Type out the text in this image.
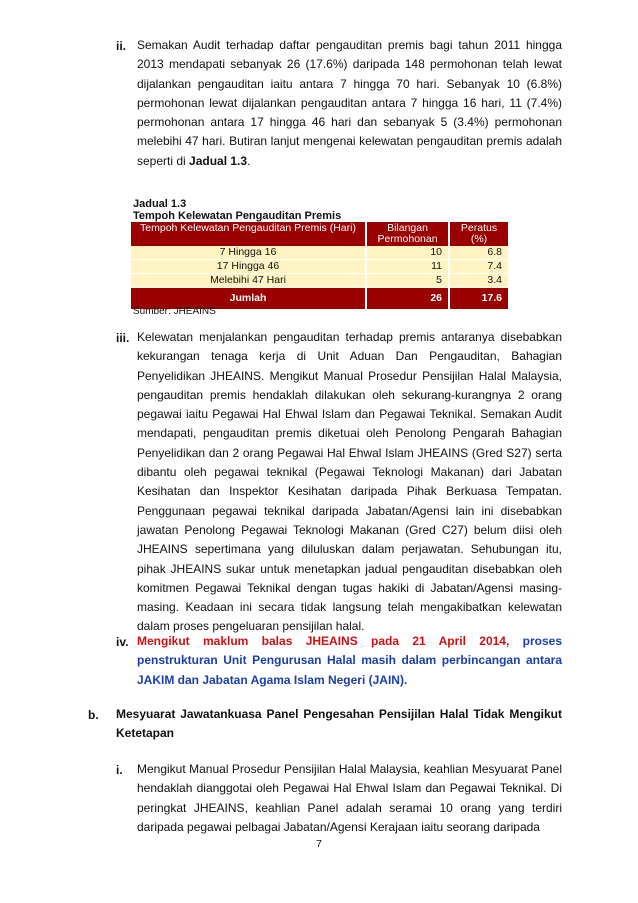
ii. Semakan Audit terhadap daftar pengauditan premis bagi tahun 2011 hingga 2013 mendapati sebanyak 26 (17.6%) daripada 148 permohonan telah lewat dijalankan pengauditan iaitu antara 7 hingga 70 hari. Sebanyak 10 (6.8%) permohonan lewat dijalankan pengauditan antara 7 hingga 16 hari, 11 (7.4%) permohonan antara 17 hingga 46 hari dan sebanyak 5 (3.4%) permohonan melebihi 47 hari. Butiran lanjut mengenai kelewatan pengauditan premis adalah seperti di Jadual 1.3.
Jadual 1.3
Tempoh Kelewatan Pengauditan Premis
Tempoh Kelewatan Pengauditan Premis (Hari)	Bilangan Permohonan	Peratus (%)
7 Hingga 16	10	6.8
17 Hingga 46	11	7.4
Melebihi 47 Hari	5	3.4
Jumlah	26	17.6
Sumber: JHEAINS
iii. Kelewatan menjalankan pengauditan terhadap premis antaranya disebabkan kekurangan tenaga kerja di Unit Aduan Dan Pengauditan, Bahagian Penyelidikan JHEAINS. Mengikut Manual Prosedur Pensijilan Halal Malaysia, pengauditan premis hendaklah dilakukan oleh sekurang-kurangnya 2 orang pegawai iaitu Pegawai Hal Ehwal Islam dan Pegawai Teknikal. Semakan Audit mendapati, pengauditan premis diketuai oleh Penolong Pengarah Bahagian Penyelidikan dan 2 orang Pegawai Hal Ehwal Islam JHEAINS (Gred S27) serta dibantu oleh pegawai teknikal (Pegawai Teknologi Makanan) dari Jabatan Kesihatan dan Inspektor Kesihatan daripada Pihak Berkuasa Tempatan. Penggunaan pegawai teknikal daripada Jabatan/Agensi lain ini disebabkan jawatan Penolong Pegawai Teknologi Makanan (Gred C27) belum diisi oleh JHEAINS sepertimana yang diluluskan dalam perjawatan. Sehubungan itu, pihak JHEAINS sukar untuk menetapkan jadual pengauditan disebabkan oleh komitmen Pegawai Teknikal dengan tugas hakiki di Jabatan/Agensi masing-masing. Keadaan ini secara tidak langsung telah mengakibatkan kelewatan dalam proses pengeluaran pensijilan halal.
iv. Mengikut maklum balas JHEAINS pada 21 April 2014, proses penstrukturan Unit Pengurusan Halal masih dalam perbincangan antara JAKIM dan Jabatan Agama Islam Negeri (JAIN).
b. Mesyuarat Jawatankuasa Panel Pengesahan Pensijilan Halal Tidak Mengikut Ketetapan
i. Mengikut Manual Prosedur Pensijilan Halal Malaysia, keahlian Mesyuarat Panel hendaklah dianggotai oleh Pegawai Hal Ehwal Islam dan Pegawai Teknikal. Di peringkat JHEAINS, keahlian Panel adalah seramai 10 orang yang terdiri daripada pegawai pelbagai Jabatan/Agensi Kerajaan iaitu seorang daripada
7
